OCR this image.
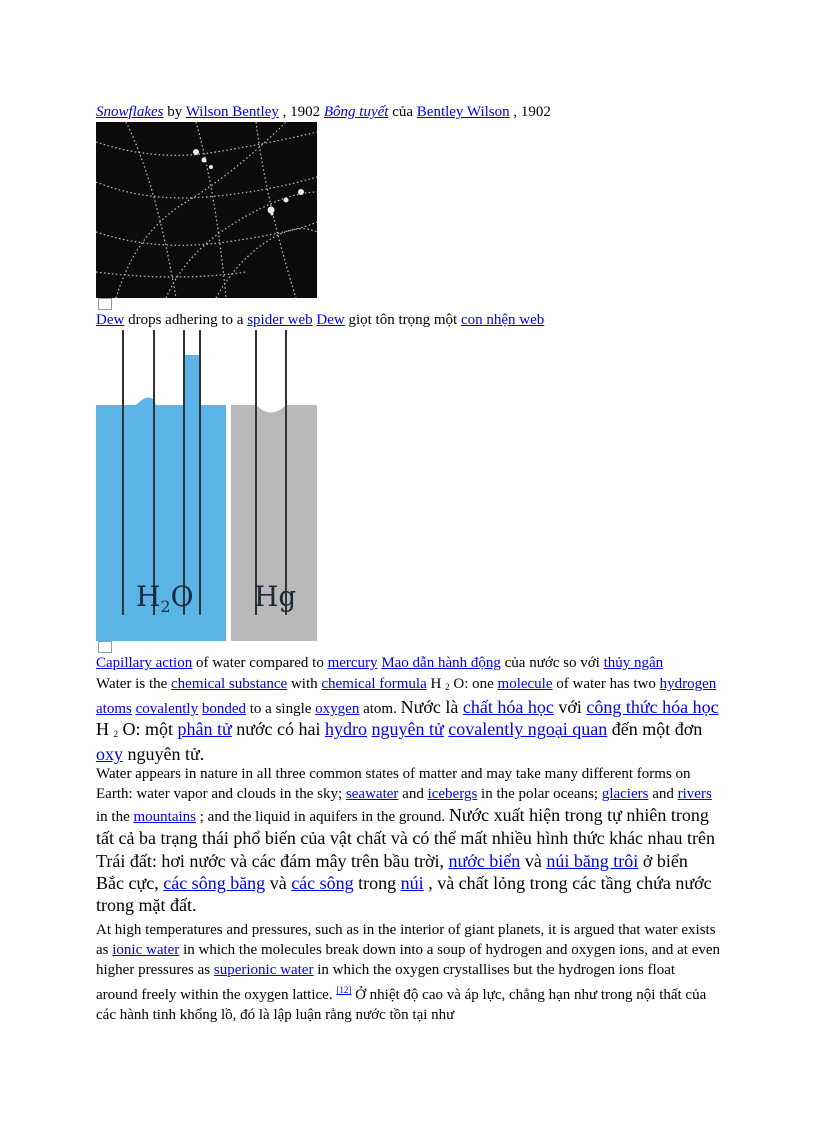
Snowflakes by Wilson Bentley , 1902 Bông tuyết của Bentley Wilson , 1902
Dew drops adhering to a spider web Dew giọt tôn trọng một con nhện web
$H_2O$ Hg
Capillary action of water compared to mercury Mao dẫn hành động của nước so với thủy ngân

Water is the chemical substance with chemical formula H $_2$ O: one molecule of water has two hydrogen atoms covalently bonded to a single oxygen atom. Nước là chất hóa học với công thức hóa học H $_2$ O: một phân tử nước có hai hydro nguyên tử covalently ngoại quan đến một đơn oxy nguyên tử.

Water appears in nature in all three common states of matter and may take many different forms on Earth: water vapor and clouds in the sky; seawater and icebergs in the polar oceans; glaciers and rivers in the mountains ; and the liquid in aquifers in the ground. Nước xuất hiện trong tự nhiên trong tất cả ba trạng thái phổ biến của vật chất và có thể mất nhiều hình thức khác nhau trên Trái đất: hơi nước và các đám mây trên bầu trời, nước biển và núi băng trôi ở biển Bắc cực, các sông băng và các sông trong núi , và chất lỏng trong các tầng chứa nước trong mặt đất.

At high temperatures and pressures, such as in the interior of giant planets, it is argued that water exists as ionic water in which the molecules break down into a soup of hydrogen and oxygen ions, and at even higher pressures as superionic water in which the oxygen crystallises but the hydrogen ions float around freely within the oxygen lattice. [12] Ở nhiệt độ cao và áp lực, chẳng hạn như trong nội thất của các hành tinh khổng lồ, đó là lập luận rằng nước tồn tại như
